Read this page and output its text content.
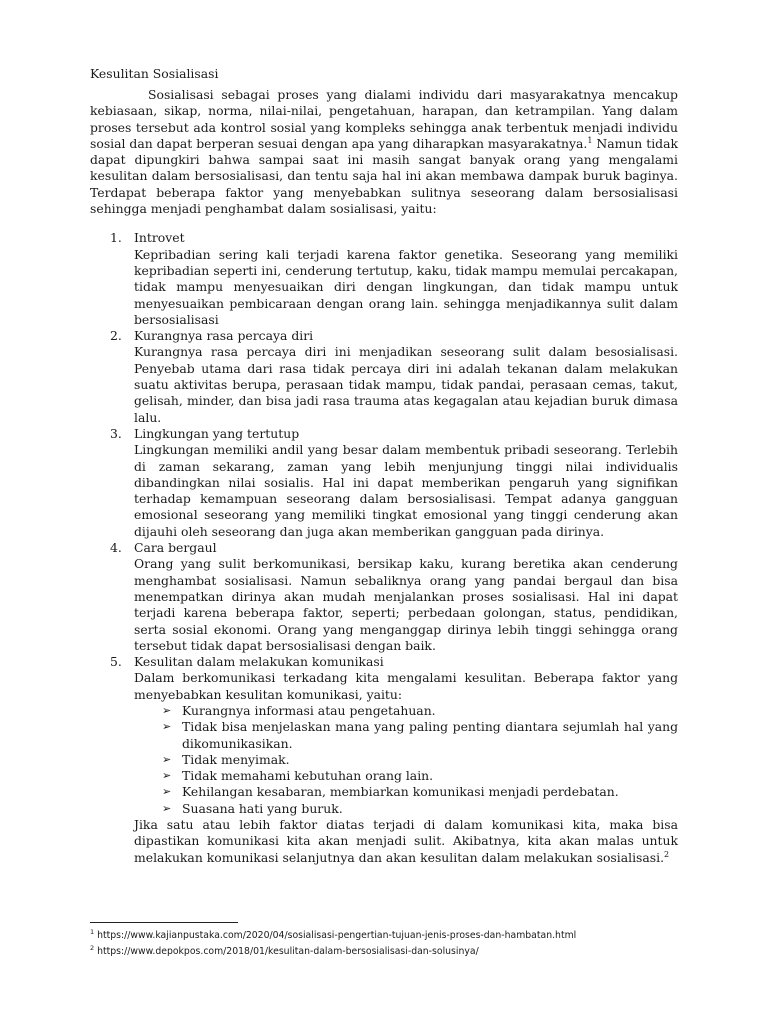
Kesulitan Sosialisasi

Sosialisasi sebagai proses yang dialami individu dari masyarakatnya mencakup kebiasaan, sikap, norma, nilai-nilai, pengetahuan, harapan, dan ketrampilan. Yang dalam proses tersebut ada kontrol sosial yang kompleks sehingga anak terbentuk menjadi individu sosial dan dapat berperan sesuai dengan apa yang diharapkan masyarakatnya.$^1$ Namun tidak dapat dipungkiri bahwa sampai saat ini masih sangat banyak orang yang mengalami kesulitan dalam bersosialisasi, dan tentu saja hal ini akan membawa dampak buruk baginya. Terdapat beberapa faktor yang menyebabkan sulitnya seseorang dalam bersosialisasi sehingga menjadi penghambat dalam sosialisasi, yaitu:

1. Introvet
Kepribadian sering kali terjadi karena faktor genetika. Seseorang yang memiliki kepribadian seperti ini, cenderung tertutup, kaku, tidak mampu memulai percakapan, tidak mampu menyesuaikan diri dengan lingkungan, dan tidak mampu untuk menyesuaikan pembicaraan dengan orang lain. sehingga menjadikannya sulit dalam bersosialisasi
2. Kurangnya rasa percaya diri
Kurangnya rasa percaya diri ini menjadikan seseorang sulit dalam besosialisasi. Penyebab utama dari rasa tidak percaya diri ini adalah tekanan dalam melakukan suatu aktivitas berupa, perasaan tidak mampu, tidak pandai, perasaan cemas, takut, gelisah, minder, dan bisa jadi rasa trauma atas kegagalan atau kejadian buruk dimasa lalu.
3. Lingkungan yang tertutup
Lingkungan memiliki andil yang besar dalam membentuk pribadi seseorang. Terlebih di zaman sekarang, zaman yang lebih menjunjung tinggi nilai individualis dibandingkan nilai sosialis. Hal ini dapat memberikan pengaruh yang signifikan terhadap kemampuan seseorang dalam bersosialisasi. Tempat adanya gangguan emosional seseorang yang memiliki tingkat emosional yang tinggi cenderung akan dijauhi oleh seseorang dan juga akan memberikan gangguan pada dirinya.
4. Cara bergaul
Orang yang sulit berkomunikasi, bersikap kaku, kurang beretika akan cenderung menghambat sosialisasi. Namun sebaliknya orang yang pandai bergaul dan bisa menempatkan dirinya akan mudah menjalankan proses sosialisasi. Hal ini dapat terjadi karena beberapa faktor, seperti; perbedaan golongan, status, pendidikan, serta sosial ekonomi. Orang yang menganggap dirinya lebih tinggi sehingga orang tersebut tidak dapat bersosialisasi dengan baik.
5. Kesulitan dalam melakukan komunikasi
Dalam berkomunikasi terkadang kita mengalami kesulitan. Beberapa faktor yang menyebabkan kesulitan komunikasi, yaitu:
➢ Kurangnya informasi atau pengetahuan.
➢ Tidak bisa menjelaskan mana yang paling penting diantara sejumlah hal yang dikomunikasikan.
➢ Tidak menyimak.
➢ Tidak memahami kebutuhan orang lain.
➢ Kehilangan kesabaran, membiarkan komunikasi menjadi perdebatan.
➢ Suasana hati yang buruk.
Jika satu atau lebih faktor diatas terjadi di dalam komunikasi kita, maka bisa dipastikan komunikasi kita akan menjadi sulit. Akibatnya, kita akan malas untuk melakukan komunikasi selanjutnya dan akan kesulitan dalam melakukan sosialisasi.$^2$
$^1$ https://www.kajianpustaka.com/2020/04/sosialisasi-pengertian-tujuan-jenis-proses-dan-hambatan.html
$^2$ https://www.depokpos.com/2018/01/kesulitan-dalam-bersosialisasi-dan-solusinya/
